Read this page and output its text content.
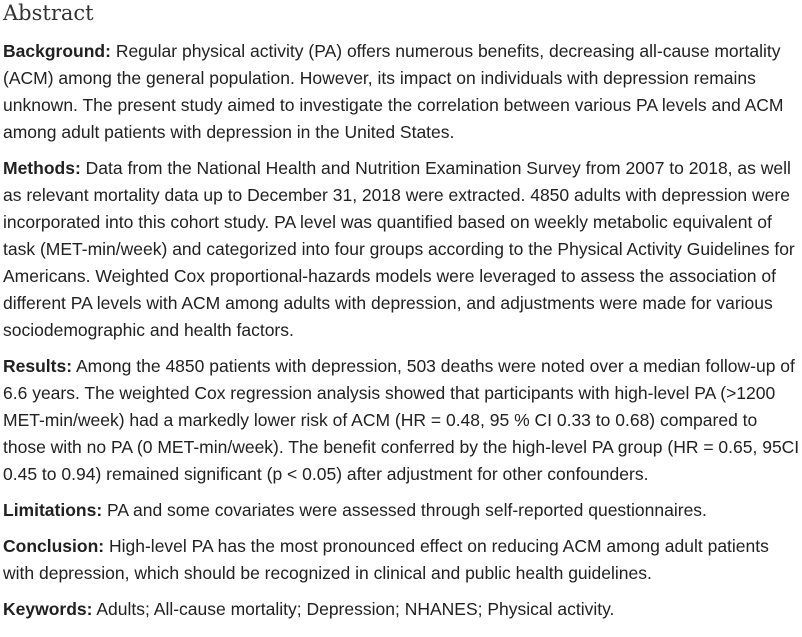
Abstract

Background: Regular physical activity (PA) offers numerous benefits, decreasing all-cause mortality (ACM) among the general population. However, its impact on individuals with depression remains unknown. The present study aimed to investigate the correlation between various PA levels and ACM among adult patients with depression in the United States.

Methods: Data from the National Health and Nutrition Examination Survey from 2007 to 2018, as well as relevant mortality data up to December 31, 2018 were extracted. 4850 adults with depression were incorporated into this cohort study. PA level was quantified based on weekly metabolic equivalent of task (MET-min/week) and categorized into four groups according to the Physical Activity Guidelines for Americans. Weighted Cox proportional-hazards models were leveraged to assess the association of different PA levels with ACM among adults with depression, and adjustments were made for various sociodemographic and health factors.

Results: Among the 4850 patients with depression, 503 deaths were noted over a median follow-up of 6.6 years. The weighted Cox regression analysis showed that participants with high-level PA (>1200 MET-min/week) had a markedly lower risk of ACM (HR = 0.48, 95 % CI 0.33 to 0.68) compared to those with no PA (0 MET-min/week). The benefit conferred by the high-level PA group (HR = 0.65, 95CI 0.45 to 0.94) remained significant (p < 0.05) after adjustment for other confounders.

Limitations: PA and some covariates were assessed through self-reported questionnaires.

Conclusion: High-level PA has the most pronounced effect on reducing ACM among adult patients with depression, which should be recognized in clinical and public health guidelines.

Keywords: Adults; All-cause mortality; Depression; NHANES; Physical activity.
